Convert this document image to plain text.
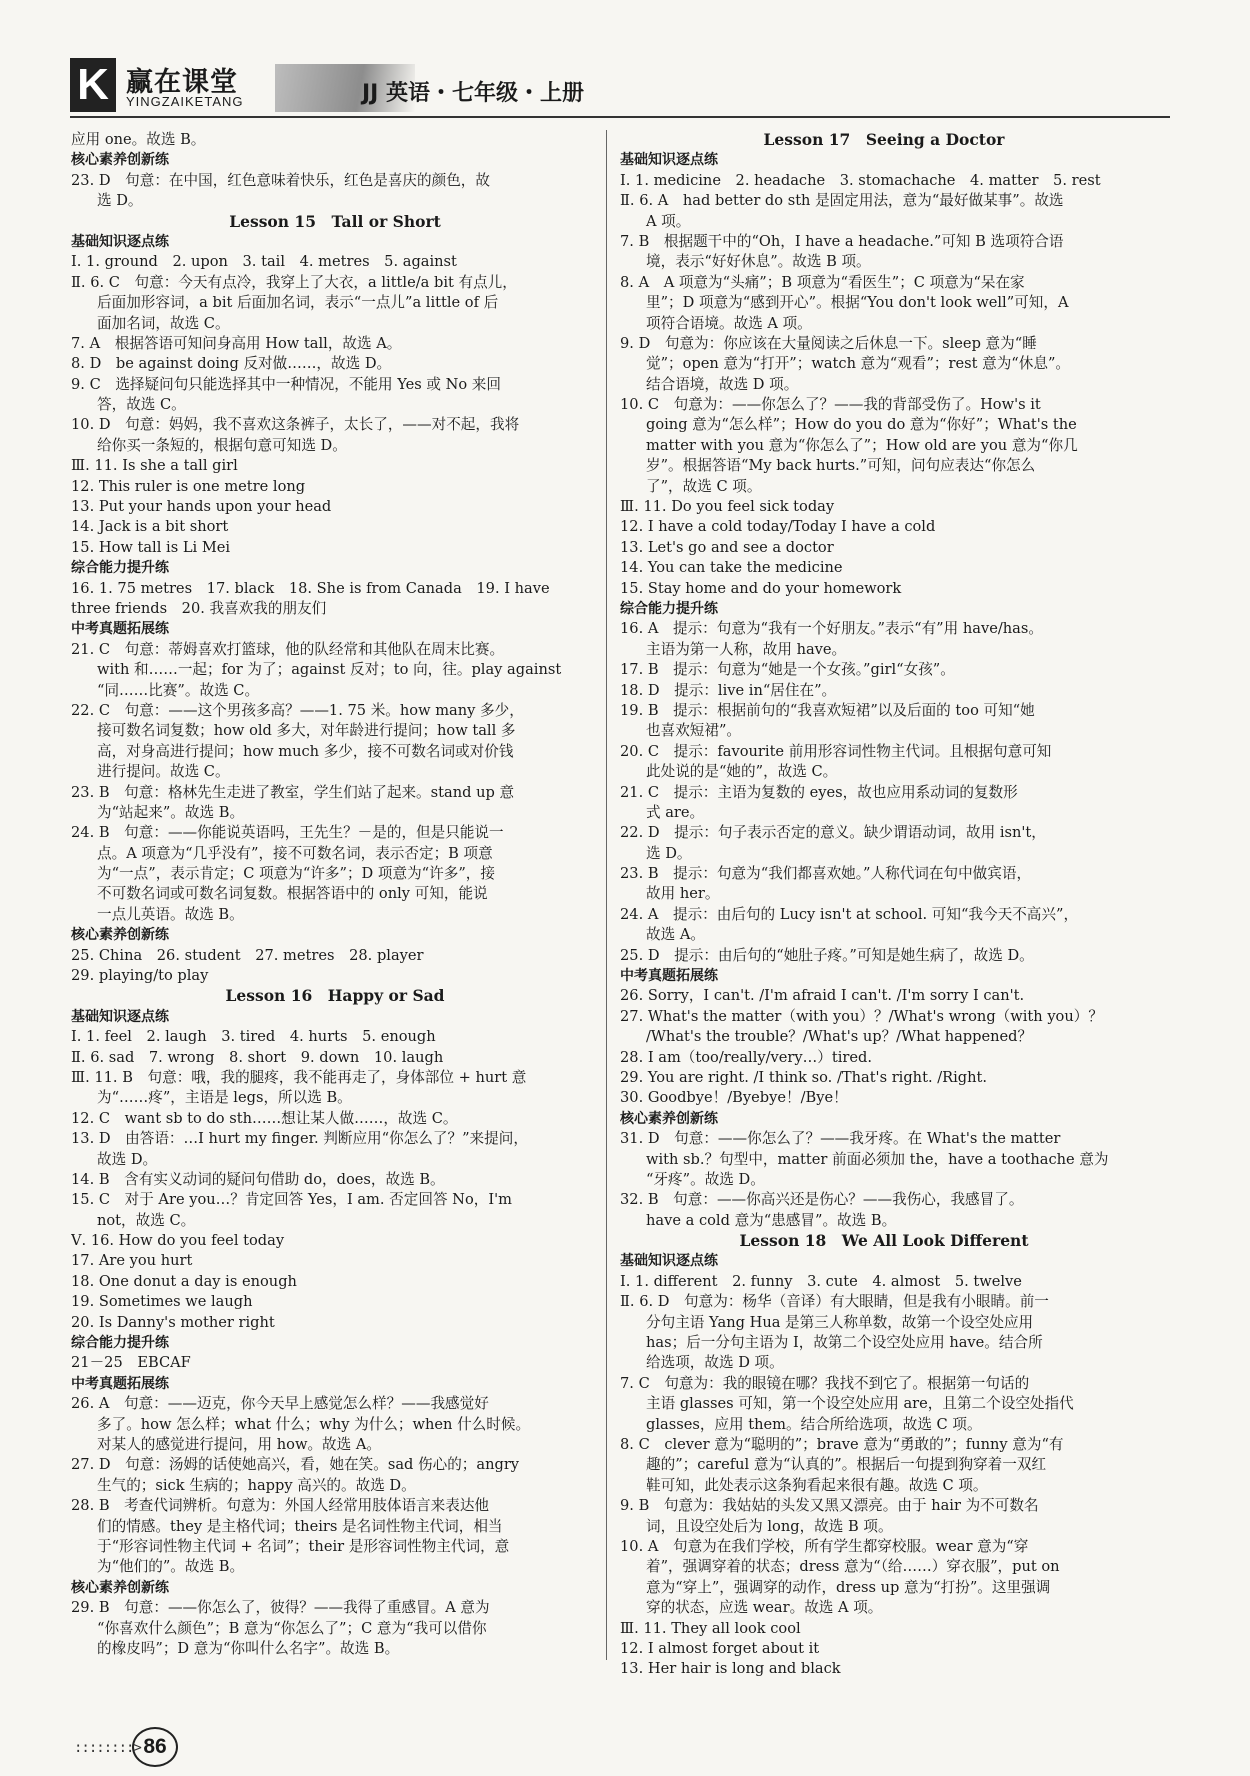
K 赢在课堂
YINGZAIKETANG	JJ 英语・七年级・上册
应用 one。故选 B。
核心素养创新练
23. D　句意：在中国，红色意味着快乐，红色是喜庆的颜色，故
选 D。
Lesson 15　Tall or Short
基础知识逐点练
Ⅰ. 1. ground　2. upon　3. tail　4. metres　5. against
Ⅱ. 6. C　句意：今天有点冷，我穿上了大衣，a little/a bit 有点儿，
后面加形容词，a bit 后面加名词，表示“一点儿”a little of 后
面加名词，故选 C。
7. A　根据答语可知问身高用 How tall，故选 A。
8. D　be against doing 反对做……，故选 D。
9. C　选择疑问句只能选择其中一种情况，不能用 Yes 或 No 来回
答，故选 C。
10. D　句意：妈妈，我不喜欢这条裤子，太长了，——对不起，我将
给你买一条短的，根据句意可知选 D。
Ⅲ. 11. Is she a tall girl
12. This ruler is one metre long
13. Put your hands upon your head
14. Jack is a bit short
15. How tall is Li Mei
综合能力提升练
16. 1. 75 metres　17. black　18. She is from Canada　19. I have
three friends　20. 我喜欢我的朋友们
中考真题拓展练
21. C　句意：蒂姆喜欢打篮球，他的队经常和其他队在周末比赛。
with 和……一起；for 为了；against 反对；to 向，往。play against
“同……比赛”。故选 C。
22. C　句意：——这个男孩多高？——1. 75 米。how many 多少，
接可数名词复数；how old 多大，对年龄进行提问；how tall 多
高，对身高进行提问；how much 多少，接不可数名词或对价钱
进行提问。故选 C。
23. B　句意：格林先生走进了教室，学生们站了起来。stand up 意
为“站起来”。故选 B。
24. B　句意：——你能说英语吗，王先生？－是的，但是只能说一
点。A 项意为“几乎没有”，接不可数名词，表示否定；B 项意
为“一点”，表示肯定；C 项意为“许多”；D 项意为“许多”，接
不可数名词或可数名词复数。根据答语中的 only 可知，能说
一点儿英语。故选 B。
核心素养创新练
25. China　26. student　27. metres　28. player
29. playing/to play
Lesson 16　Happy or Sad
基础知识逐点练
Ⅰ. 1. feel　2. laugh　3. tired　4. hurts　5. enough
Ⅱ. 6. sad　7. wrong　8. short　9. down　10. laugh
Ⅲ. 11. B　句意：哦，我的腿疼，我不能再走了，身体部位 + hurt 意
为“……疼”，主语是 legs，所以选 B。
12. C　want sb to do sth……想让某人做……，故选 C。
13. D　由答语：…I hurt my finger. 判断应用“你怎么了？”来提问，
故选 D。
14. B　含有实义动词的疑问句借助 do，does，故选 B。
15. C　对于 Are you…？肯定回答 Yes，I am. 否定回答 No，I'm
not，故选 C。
Ⅴ. 16. How do you feel today
17. Are you hurt
18. One donut a day is enough
19. Sometimes we laugh
20. Is Danny's mother right
综合能力提升练
21－25　EBCAF
中考真题拓展练
26. A　句意：——迈克，你今天早上感觉怎么样？——我感觉好
多了。how 怎么样；what 什么；why 为什么；when 什么时候。
对某人的感觉进行提问，用 how。故选 A。
27. D　句意：汤姆的话使她高兴，看，她在笑。sad 伤心的；angry
生气的；sick 生病的；happy 高兴的。故选 D。
28. B　考查代词辨析。句意为：外国人经常用肢体语言来表达他
们的情感。they 是主格代词；theirs 是名词性物主代词，相当
于“形容词性物主代词 + 名词”；their 是形容词性物主代词，意
为“他们的”。故选 B。
核心素养创新练
29. B　句意：——你怎么了，彼得？——我得了重感冒。A 意为
“你喜欢什么颜色”；B 意为“你怎么了”；C 意为“我可以借你
的橡皮吗”；D 意为“你叫什么名字”。故选 B。
Lesson 17　Seeing a Doctor
基础知识逐点练
Ⅰ. 1. medicine　2. headache　3. stomachache　4. matter　5. rest
Ⅱ. 6. A　had better do sth 是固定用法，意为“最好做某事”。故选
A 项。
7. B　根据题干中的“Oh，I have a headache.”可知 B 选项符合语
境，表示“好好休息”。故选 B 项。
8. A　A 项意为“头痛”；B 项意为“看医生”；C 项意为“呆在家
里”；D 项意为“感到开心”。根据“You don't look well”可知，A
项符合语境。故选 A 项。
9. D　句意为：你应该在大量阅读之后休息一下。sleep 意为“睡
觉”；open 意为“打开”；watch 意为“观看”；rest 意为“休息”。
结合语境，故选 D 项。
10. C　句意为：——你怎么了？——我的背部受伤了。How's it
going 意为“怎么样”；How do you do 意为“你好”；What's the
matter with you 意为“你怎么了”；How old are you 意为“你几
岁”。根据答语“My back hurts.”可知，问句应表达“你怎么
了”，故选 C 项。
Ⅲ. 11. Do you feel sick today
12. I have a cold today/Today I have a cold
13. Let's go and see a doctor
14. You can take the medicine
15. Stay home and do your homework
综合能力提升练
16. A　提示：句意为“我有一个好朋友。”表示“有”用 have/has。
主语为第一人称，故用 have。
17. B　提示：句意为“她是一个女孩。”girl“女孩”。
18. D　提示：live in“居住在”。
19. B　提示：根据前句的“我喜欢短裙”以及后面的 too 可知“她
也喜欢短裙”。
20. C　提示：favourite 前用形容词性物主代词。且根据句意可知
此处说的是“她的”，故选 C。
21. C　提示：主语为复数的 eyes，故也应用系动词的复数形
式 are。
22. D　提示：句子表示否定的意义。缺少谓语动词，故用 isn't，
选 D。
23. B　提示：句意为“我们都喜欢她。”人称代词在句中做宾语，
故用 her。
24. A　提示：由后句的 Lucy isn't at school. 可知“我今天不高兴”，
故选 A。
25. D　提示：由后句的“她肚子疼。”可知是她生病了，故选 D。
中考真题拓展练
26. Sorry，I can't. /I'm afraid I can't. /I'm sorry I can't.
27. What's the matter（with you）？/What's wrong（with you）？
/What's the trouble？/What's up？/What happened？
28. I am（too/really/very…）tired.
29. You are right. /I think so. /That's right. /Right.
30. Goodbye！/Byebye！/Bye！
核心素养创新练
31. D　句意：——你怎么了？——我牙疼。在 What's the matter
with sb.？句型中，matter 前面必须加 the，have a toothache 意为
“牙疼”。故选 D。
32. B　句意：——你高兴还是伤心？——我伤心，我感冒了。
have a cold 意为“患感冒”。故选 B。
Lesson 18　We All Look Different
基础知识逐点练
Ⅰ. 1. different　2. funny　3. cute　4. almost　5. twelve
Ⅱ. 6. D　句意为：杨华（音译）有大眼睛，但是我有小眼睛。前一
分句主语 Yang Hua 是第三人称单数，故第一个设空处应用
has；后一分句主语为 I，故第二个设空处应用 have。结合所
给选项，故选 D 项。
7. C　句意为：我的眼镜在哪？我找不到它了。根据第一句话的
主语 glasses 可知，第一个设空处应用 are，且第二个设空处指代
glasses，应用 them。结合所给选项，故选 C 项。
8. C　clever 意为“聪明的”；brave 意为“勇敢的”；funny 意为“有
趣的”；careful 意为“认真的”。根据后一句提到狗穿着一双红
鞋可知，此处表示这条狗看起来很有趣。故选 C 项。
9. B　句意为：我姑姑的头发又黑又漂亮。由于 hair 为不可数名
词，且设空处后为 long，故选 B 项。
10. A　句意为在我们学校，所有学生都穿校服。wear 意为“穿
着”，强调穿着的状态；dress 意为“（给……）穿衣服”，put on
意为“穿上”，强调穿的动作，dress up 意为“打扮”。这里强调
穿的状态，应选 wear。故选 A 项。
Ⅲ. 11. They all look cool
12. I almost forget about it
13. Her hair is long and black
::::::::> 86
